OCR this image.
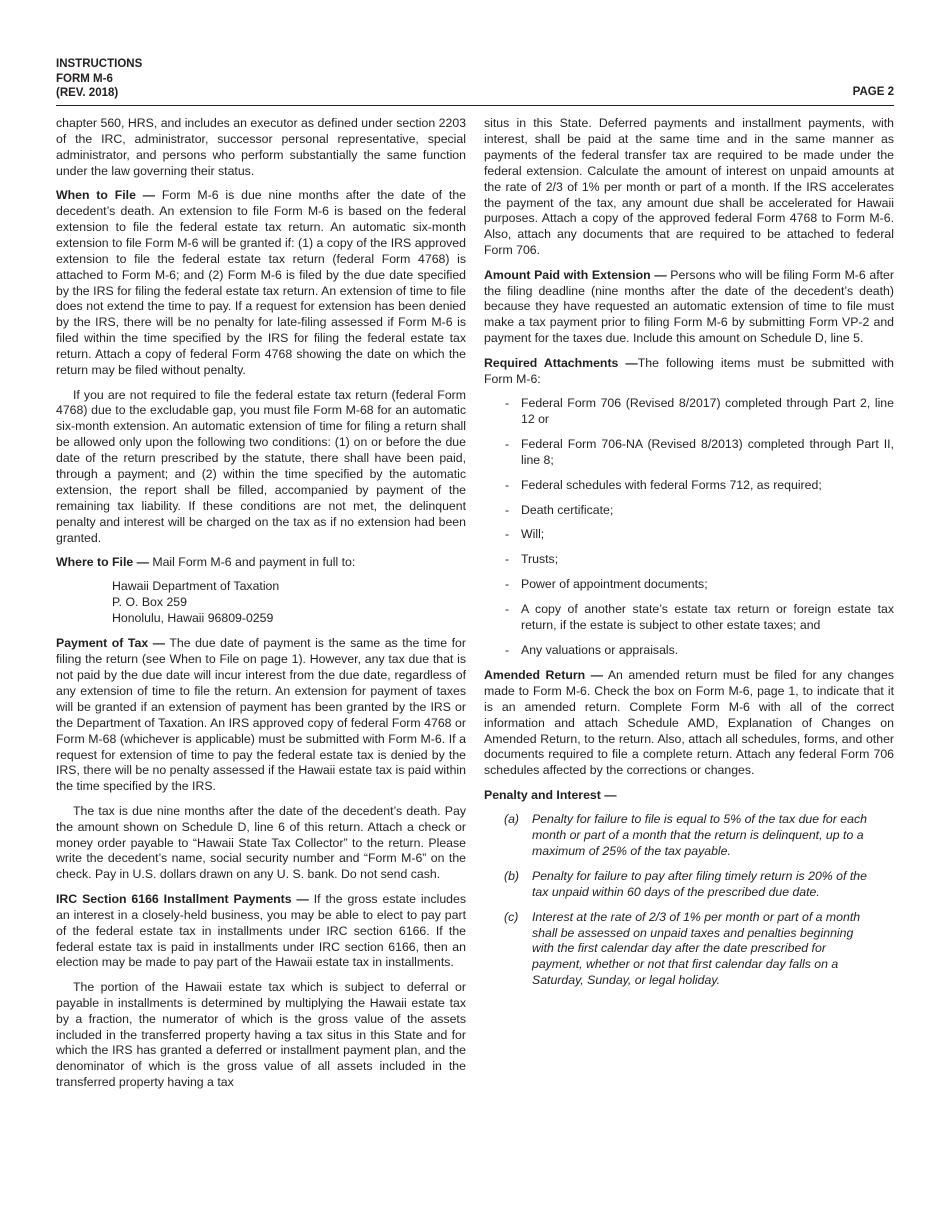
INSTRUCTIONS
FORM M-6
(REV. 2018)	PAGE 2

chapter 560, HRS, and includes an executor as defined under section 2203 of the IRC, administrator, successor personal representative, special administrator, and persons who perform substantially the same function under the law governing their status.

When to File — Form M-6 is due nine months after the date of the decedent’s death. An extension to file Form M-6 is based on the federal extension to file the federal estate tax return. An automatic six-month extension to file Form M-6 will be granted if: (1) a copy of the IRS approved extension to file the federal estate tax return (federal Form 4768) is attached to Form M-6; and (2) Form M-6 is filed by the due date specified by the IRS for filing the federal estate tax return. An extension of time to file does not extend the time to pay. If a request for extension has been denied by the IRS, there will be no penalty for late-filing assessed if Form M-6 is filed within the time specified by the IRS for filing the federal estate tax return. Attach a copy of federal Form 4768 showing the date on which the return may be filed without penalty.

If you are not required to file the federal estate tax return (federal Form 4768) due to the excludable gap, you must file Form M-68 for an automatic six-month extension. An automatic extension of time for filing a return shall be allowed only upon the following two conditions: (1) on or before the due date of the return prescribed by the statute, there shall have been paid, through a payment; and (2) within the time specified by the automatic extension, the report shall be filled, accompanied by payment of the remaining tax liability. If these conditions are not met, the delinquent penalty and interest will be charged on the tax as if no extension had been granted.

Where to File — Mail Form M-6 and payment in full to:

Hawaii Department of Taxation
P. O. Box 259
Honolulu, Hawaii 96809-0259

Payment of Tax — The due date of payment is the same as the time for filing the return (see When to File on page 1). However, any tax due that is not paid by the due date will incur interest from the due date, regardless of any extension of time to file the return. An extension for payment of taxes will be granted if an extension of payment has been granted by the IRS or the Department of Taxation. An IRS approved copy of federal Form 4768 or Form M-68 (whichever is applicable) must be submitted with Form M-6. If a request for extension of time to pay the federal estate tax is denied by the IRS, there will be no penalty assessed if the Hawaii estate tax is paid within the time specified by the IRS.

The tax is due nine months after the date of the decedent’s death. Pay the amount shown on Schedule D, line 6 of this return. Attach a check or money order payable to “Hawaii State Tax Collector” to the return. Please write the decedent’s name, social security number and “Form M-6” on the check. Pay in U.S. dollars drawn on any U. S. bank. Do not send cash.

IRC Section 6166 Installment Payments — If the gross estate includes an interest in a closely-held business, you may be able to elect to pay part of the federal estate tax in installments under IRC section 6166. If the federal estate tax is paid in installments under IRC section 6166, then an election may be made to pay part of the Hawaii estate tax in installments.

The portion of the Hawaii estate tax which is subject to deferral or payable in installments is determined by multiplying the Hawaii estate tax by a fraction, the numerator of which is the gross value of the assets included in the transferred property having a tax situs in this State and for which the IRS has granted a deferred or installment payment plan, and the denominator of which is the gross value of all assets included in the transferred property having a tax

situs in this State. Deferred payments and installment payments, with interest, shall be paid at the same time and in the same manner as payments of the federal transfer tax are required to be made under the federal extension. Calculate the amount of interest on unpaid amounts at the rate of 2/3 of 1% per month or part of a month. If the IRS accelerates the payment of the tax, any amount due shall be accelerated for Hawaii purposes. Attach a copy of the approved federal Form 4768 to Form M-6. Also, attach any documents that are required to be attached to federal Form 706.

Amount Paid with Extension — Persons who will be filing Form M-6 after the filing deadline (nine months after the date of the decedent’s death) because they have requested an automatic extension of time to file must make a tax payment prior to filing Form M-6 by submitting Form VP-2 and payment for the taxes due. Include this amount on Schedule D, line 5.

Required Attachments —The following items must be submitted with Form M-6:

- Federal Form 706 (Revised 8/2017) completed through Part 2, line 12 or
- Federal Form 706-NA (Revised 8/2013) completed through Part II, line 8;
- Federal schedules with federal Forms 712, as required;
- Death certificate;
- Will;
- Trusts;
- Power of appointment documents;
- A copy of another state’s estate tax return or foreign estate tax return, if the estate is subject to other estate taxes; and
- Any valuations or appraisals.

Amended Return — An amended return must be filed for any changes made to Form M-6. Check the box on Form M-6, page 1, to indicate that it is an amended return. Complete Form M-6 with all of the correct information and attach Schedule AMD, Explanation of Changes on Amended Return, to the return. Also, attach all schedules, forms, and other documents required to file a complete return. Attach any federal Form 706 schedules affected by the corrections or changes.

Penalty and Interest —

(a) Penalty for failure to file is equal to 5% of the tax due for each month or part of a month that the return is delinquent, up to a maximum of 25% of the tax payable.
(b) Penalty for failure to pay after filing timely return is 20% of the tax unpaid within 60 days of the prescribed due date.
(c) Interest at the rate of 2/3 of 1% per month or part of a month shall be assessed on unpaid taxes and penalties beginning with the first calendar day after the date prescribed for payment, whether or not that first calendar day falls on a Saturday, Sunday, or legal holiday.
